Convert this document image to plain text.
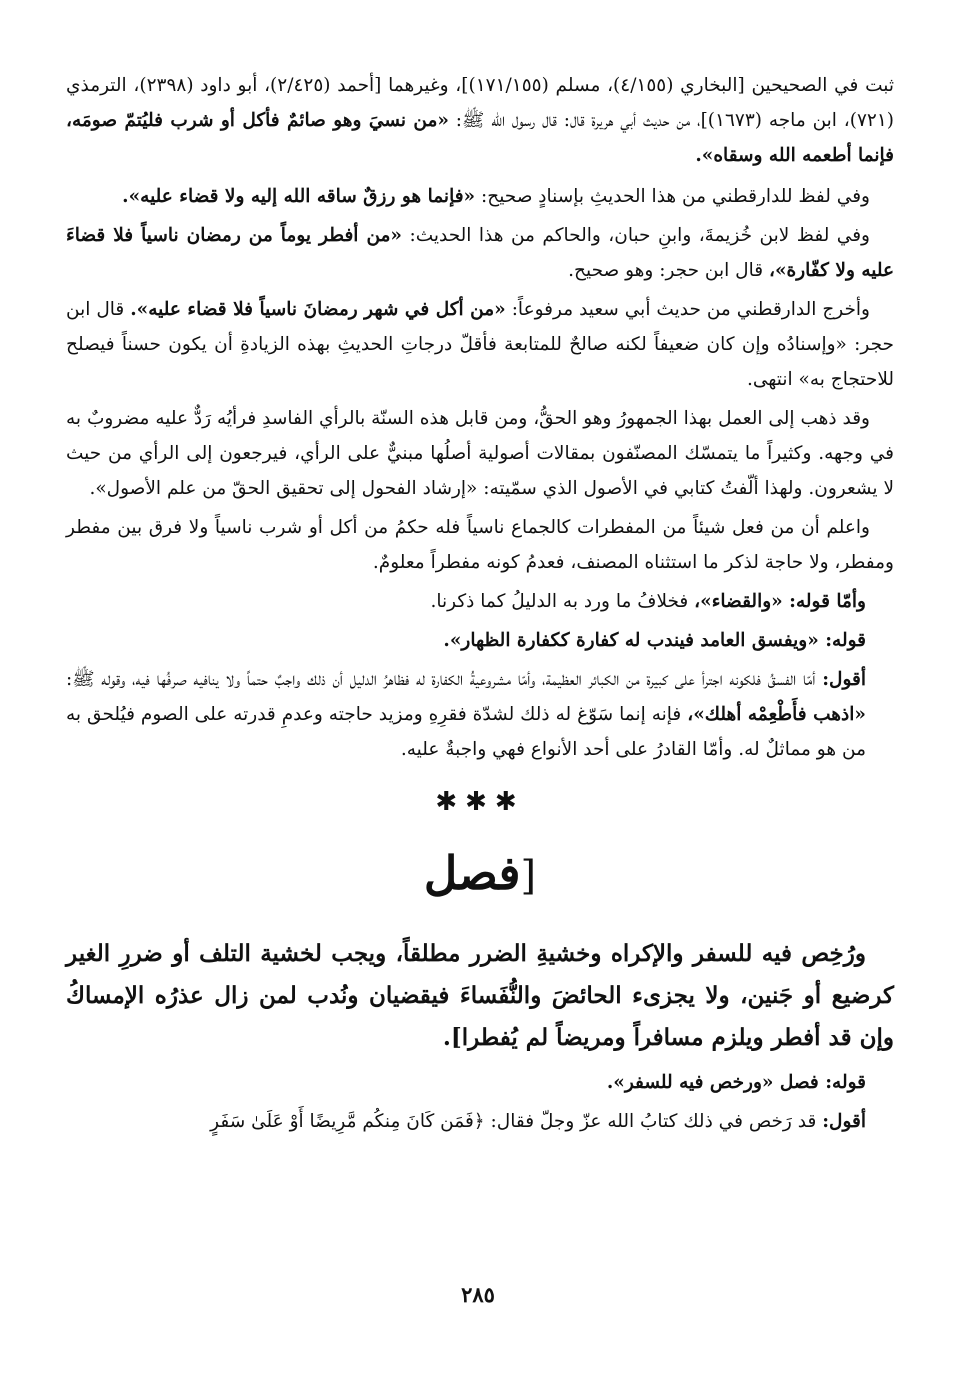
ثبت في الصحيحين [البخاري (٤/١٥٥)، مسلم (١٧١/١٥٥)]، وغيرهما [أحمد (٢/٤٢٥)، أبو داود (٢٣٩٨)، الترمذي (٧٢١)، ابن ماجه (١٦٧٣)]، من حديث أبي هريرة قال: قال رسول الله ﷺ: «من نسيَ وهو صائمٌ فأكل أو شرب فليُتمّ صومَه، فإنما أطعمه الله وسقاه».

وفي لفظ للدارقطني من هذا الحديثِ بإسنادٍ صحيح: «فإنما هو رزقٌ ساقه الله إليه ولا قضاء عليه».

وفي لفظ لابن خُزيمةَ، وابنِ حبان، والحاكم من هذا الحديث: «من أفطر يوماً من رمضان ناسياً فلا قضاءَ عليه ولا كفّارة»، قال ابن حجر: وهو صحيح.

وأخرج الدارقطني من حديث أبي سعيد مرفوعاً: «من أكل في شهر رمضانَ ناسياً فلا قضاء عليه». قال ابن حجر: «وإسنادُه وإن كان ضعيفاً لكنه صالحٌ للمتابعة فأقلّ درجاتِ الحديثِ بهذه الزيادةِ أن يكون حسناً فيصلح للاحتجاج به» انتهى.

وقد ذهب إلى العمل بهذا الجمهورُ وهو الحقُّ، ومن قابل هذه السنّة بالرأي الفاسدِ فرأيُه رَدٌّ عليه مضروبٌ به في وجهه. وكثيراً ما يتمسّك المصنّفون بمقالات أصولية أصلُها مبنيٌّ على الرأي، فيرجعون إلى الرأي من حيث لا يشعرون. ولهذا ألّفتُ كتابي في الأصول الذي سمّيته: «إرشاد الفحول إلى تحقيق الحقّ من علم الأصول».

واعلم أن من فعل شيئاً من المفطرات كالجماع ناسياً فله حكمُ من أكل أو شرب ناسياً ولا فرق بين مفطر ومفطر، ولا حاجة لذكر ما استثناه المصنف، فعدمُ كونه مفطراً معلومٌ.

وأمّا قوله: «والقضاء»، فخلافُ ما ورد به الدليلُ كما ذكرنا.

قوله: «ويفسق العامد فيندب له كفارة ككفارة الظهار».

أقول: أمّا الفسقُ فلكونه اجترأ على كبيرة من الكبائر العظيمة، وأمّا مشروعيةُ الكفارة له فظاهرُ الدليل أن ذلك واجبٌ حتماً ولا ينافيه صرفُها فيه، وقوله ﷺ: «اذهب فأَطْعِمْه أهلك»، فإنه إنما سَوّغ له ذلك لشدّة فقرِهِ ومزيد حاجته وعدمِ قدرته على الصوم فيُلحق به من هو مماثلٌ له. وأمّا القادرُ على أحد الأنواع فهي واجبةٌ عليه.

✱✱✱
[فصل

ورُخِص فيه للسفر والإكراه وخشيةِ الضرر مطلقاً، ويجب لخشية التلف أو ضررِ الغير كرضيع أو جَنين، ولا يجزىء الحائضَ والنُّفَساءَ فيقضيان ونُدب لمن زال عذرُه الإمساكُ وإن قد أفطر ويلزم مسافراً ومريضاً لم يُفطرا].

قوله: فصل «ورخص فيه للسفر».

أقول: قد رَخص في ذلك كتابُ الله عزّ وجلّ فقال: ﴿فَمَن كَانَ مِنكُم مَّرِيضًا أَوْ عَلَىٰ سَفَرٍ

٢٨٥
